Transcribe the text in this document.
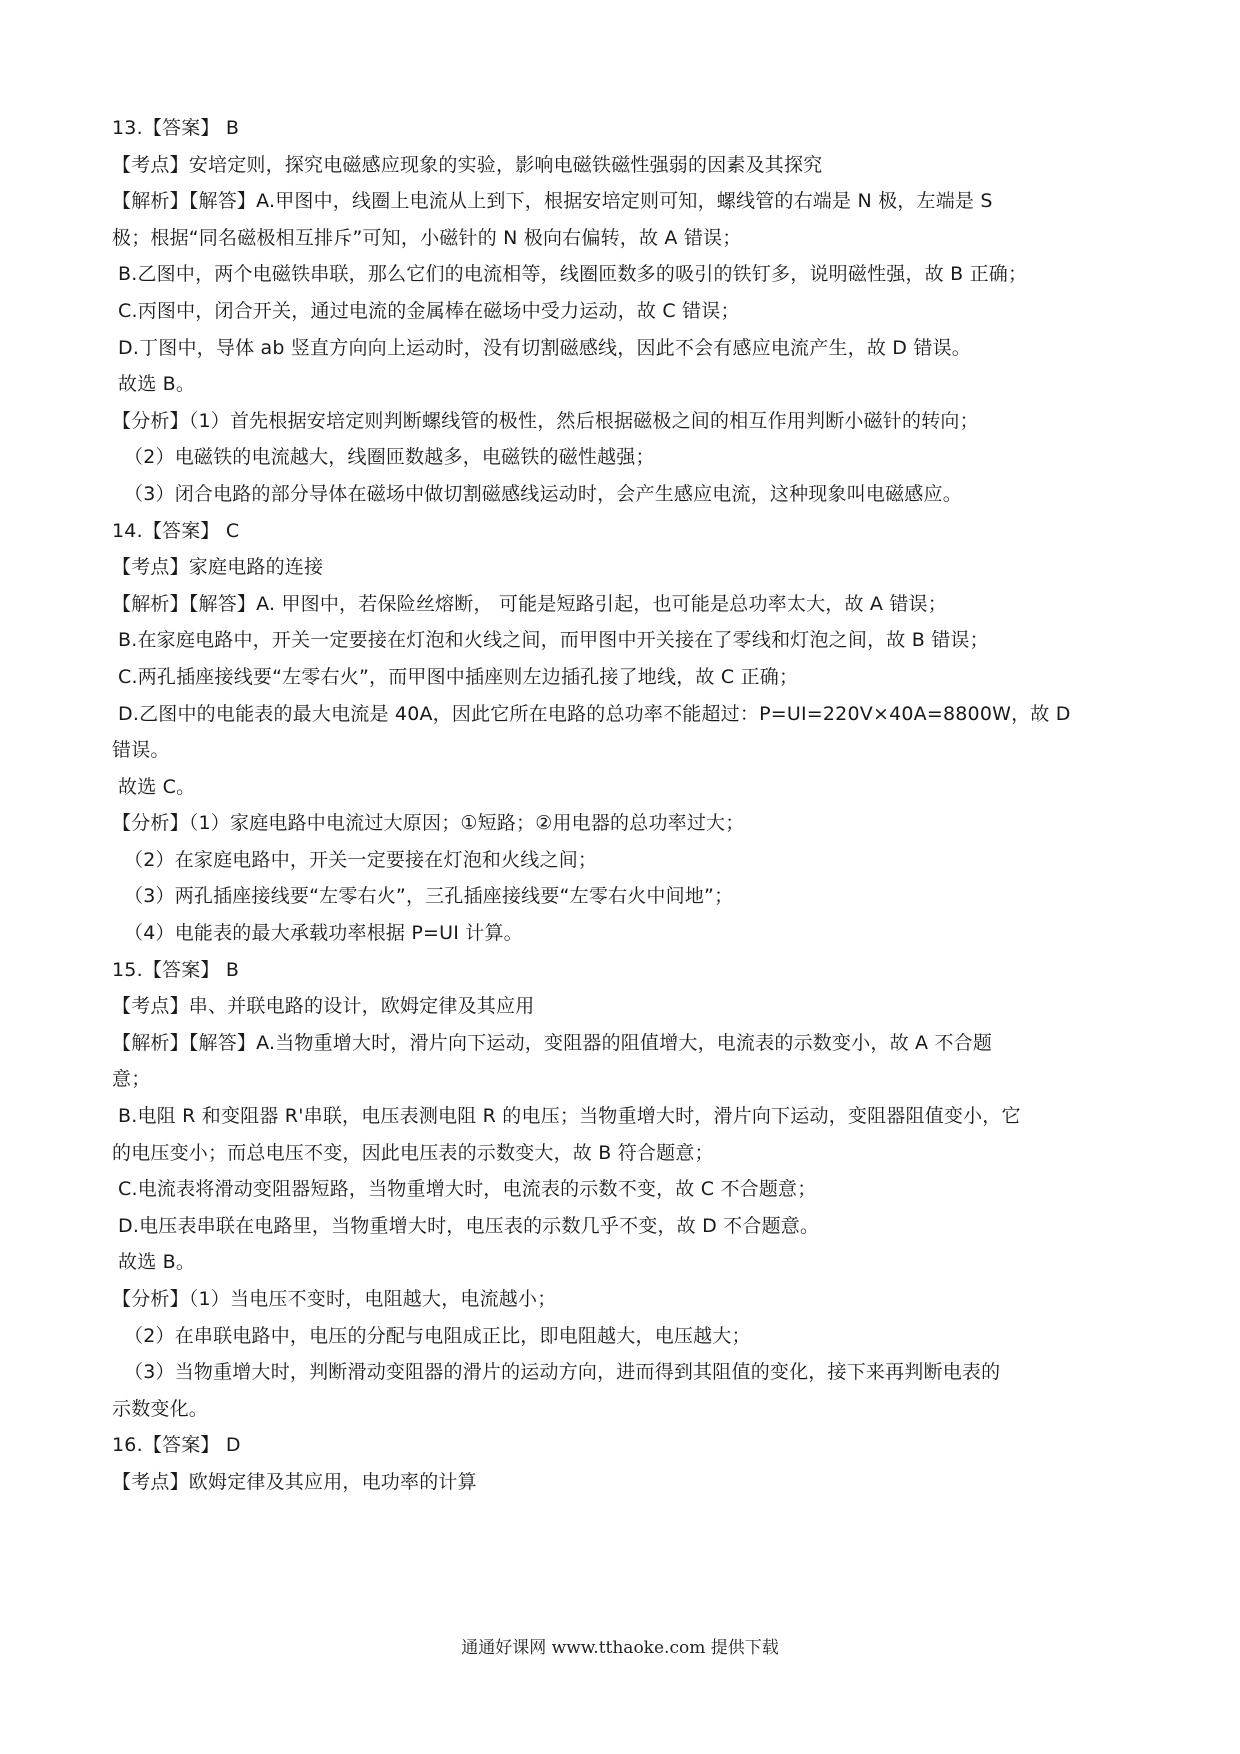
13.【答案】 B
【考点】安培定则，探究电磁感应现象的实验，影响电磁铁磁性强弱的因素及其探究
【解析】【解答】A.甲图中，线圈上电流从上到下，根据安培定则可知，螺线管的右端是 N 极，左端是 S
极；根据“同名磁极相互排斥”可知，小磁针的 N 极向右偏转，故 A 错误；
B.乙图中，两个电磁铁串联，那么它们的电流相等，线圈匝数多的吸引的铁钉多，说明磁性强，故 B 正确；
C.丙图中，闭合开关，通过电流的金属棒在磁场中受力运动，故 C 错误；
D.丁图中，导体 ab 竖直方向向上运动时，没有切割磁感线，因此不会有感应电流产生，故 D 错误。
故选 B。
【分析】（1）首先根据安培定则判断螺线管的极性，然后根据磁极之间的相互作用判断小磁针的转向；
（2）电磁铁的电流越大，线圈匝数越多，电磁铁的磁性越强；
（3）闭合电路的部分导体在磁场中做切割磁感线运动时，会产生感应电流，这种现象叫电磁感应。
14.【答案】 C
【考点】家庭电路的连接
【解析】【解答】A. 甲图中，若保险丝熔断， 可能是短路引起，也可能是总功率太大，故 A 错误；
B.在家庭电路中，开关一定要接在灯泡和火线之间，而甲图中开关接在了零线和灯泡之间，故 B 错误；
C.两孔插座接线要“左零右火”，而甲图中插座则左边插孔接了地线，故 C 正确；
D.乙图中的电能表的最大电流是 40A，因此它所在电路的总功率不能超过：P=UI=220V×40A=8800W，故 D
错误。
故选 C。
【分析】（1）家庭电路中电流过大原因；①短路；②用电器的总功率过大；
（2）在家庭电路中，开关一定要接在灯泡和火线之间；
（3）两孔插座接线要“左零右火”，三孔插座接线要“左零右火中间地”；
（4）电能表的最大承载功率根据 P=UI 计算。
15.【答案】 B
【考点】串、并联电路的设计，欧姆定律及其应用
【解析】【解答】A.当物重增大时，滑片向下运动，变阻器的阻值增大，电流表的示数变小，故 A 不合题
意；
B.电阻 R 和变阻器 R'串联，电压表测电阻 R 的电压；当物重增大时，滑片向下运动，变阻器阻值变小，它
的电压变小；而总电压不变，因此电压表的示数变大，故 B 符合题意；
C.电流表将滑动变阻器短路，当物重增大时，电流表的示数不变，故 C 不合题意；
D.电压表串联在电路里，当物重增大时，电压表的示数几乎不变，故 D 不合题意。
故选 B。
【分析】（1）当电压不变时，电阻越大，电流越小；
（2）在串联电路中，电压的分配与电阻成正比，即电阻越大，电压越大；
（3）当物重增大时，判断滑动变阻器的滑片的运动方向，进而得到其阻值的变化，接下来再判断电表的
示数变化。
16.【答案】 D
【考点】欧姆定律及其应用，电功率的计算
通通好课网 www.tthaoke.com 提供下载
